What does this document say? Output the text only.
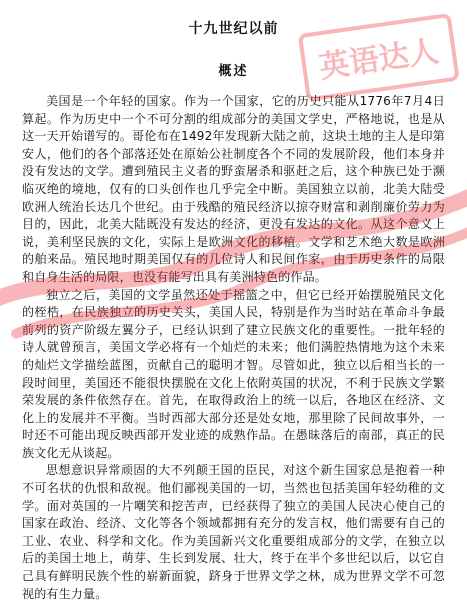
十九世纪以前
概述

美国是一个年轻的国家。作为一个国家，它的历史只能从1776年7月4日算起。作为历史中一个不可分割的组成部分的美国文学史，严格地说，也是从这一天开始谱写的。哥伦布在1492年发现新大陆之前，这块土地的主人是印第安人，他们的各个部落还处在原始公社制度各个不同的发展阶段，他们本身并没有发达的文学。遭到殖民主义者的野蛮屠杀和驱赶之后，这个种族已处于濒临灭绝的境地，仅有的口头创作也几乎完全中断。美国独立以前，北美大陆受欧洲人统治长达几个世纪。由于残酷的殖民经济以掠夺财富和剥削廉价劳力为目的，因此，北美大陆既没有发达的经济，更没有发达的文化。从这个意义上说，美利坚民族的文化，实际上是欧洲文化的移植。文学和艺术绝大数是欧洲的舶来品。殖民地时期美国仅有的几位诗人和民间作家，由于历史条件的局限和自身生活的局限，也没有能写出具有美洲特色的作品。

独立之后，美国的文学虽然还处于摇篮之中，但它已经开始摆脱殖民文化的桎梏，在民族独立的历史关头，美国人民，特别是作为当时站在革命斗争最前列的资产阶级左翼分子，已经认识到了建立民族文化的重要性。一批年轻的诗人就曾预言，美国文学必将有一个灿烂的未来；他们满腔热情地为这个未来的灿烂文学描绘蓝图，贡献自己的聪明才智。尽管如此，独立以后相当长的一段时间里，美国还不能很快摆脱在文化上依附英国的状况，不利于民族文学繁荣发展的条件依然存在。首先，在取得政治上的统一以后，各地区在经济、文化上的发展并不平衡。当时西部大部分还是处女地，那里除了民间故事外，一时还不可能出现反映西部开发业迹的成熟作品。在愚昧落后的南部，真正的民族文化无从谈起。

思想意识异常顽固的大不列颠王国的臣民，对这个新生国家总是抱着一种不可名状的仇恨和敌视。他们鄙视美国的一切，当然也包括美国年轻幼稚的文学。面对英国的一片嘲笑和挖苦声，已经获得了独立的美国人民决心使自己的国家在政治、经济、文化等各个领域都拥有充分的发言权，他们需要有自己的工业、农业、科学和文化。作为美国新兴文化重要组成部分的文学，在独立以后的美国土地上，萌芽、生长到发展、壮大，终于在半个多世纪以后，以它自己具有鲜明民族个性的崭新面貌，跻身于世界文学之林，成为世界文学不可忽视的有生力量。

英语达人
